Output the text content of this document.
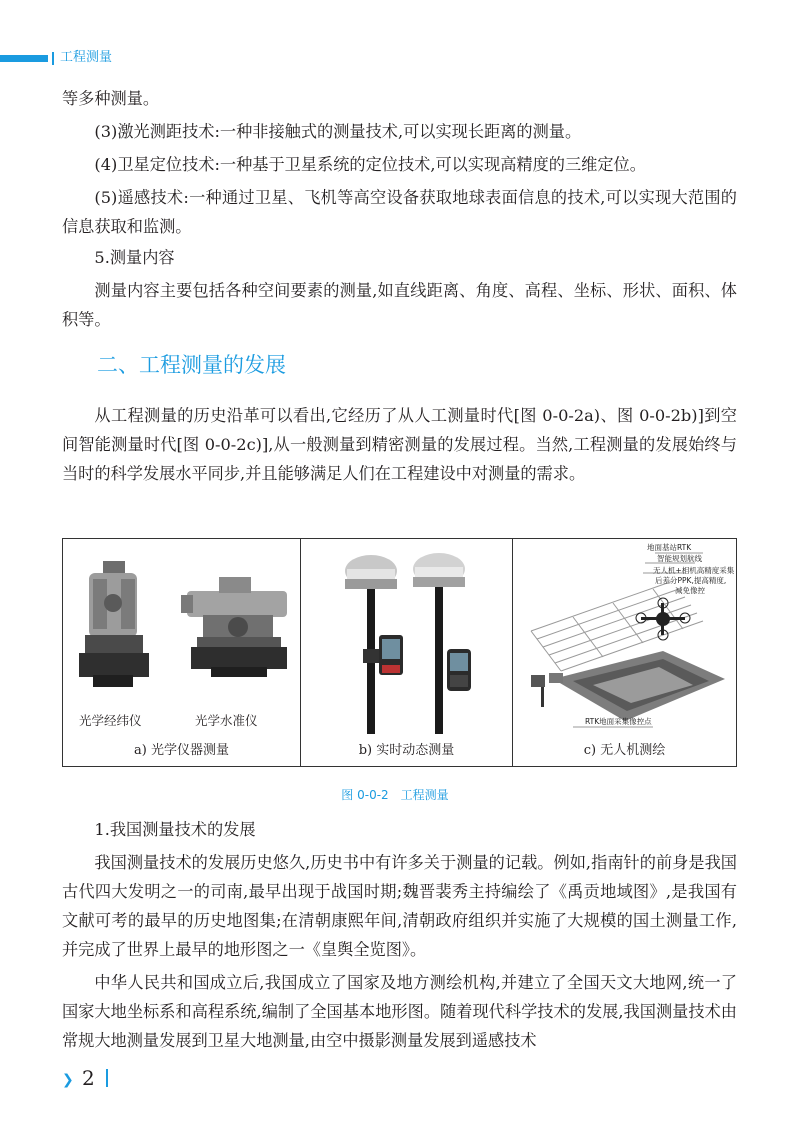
工程测量

等多种测量。

(3)激光测距技术:一种非接触式的测量技术,可以实现长距离的测量。

(4)卫星定位技术:一种基于卫星系统的定位技术,可以实现高精度的三维定位。

(5)遥感技术:一种通过卫星、飞机等高空设备获取地球表面信息的技术,可以实现大范围的信息获取和监测。

5.测量内容

测量内容主要包括各种空间要素的测量,如直线距离、角度、高程、坐标、形状、面积、体积等。

二、工程测量的发展

从工程测量的历史沿革可以看出,它经历了从人工测量时代[图 0-0-2a)、图 0-0-2b)]到空间智能测量时代[图 0-0-2c)],从一般测量到精密测量的发展过程。当然,工程测量的发展始终与当时的科学发展水平同步,并且能够满足人们在工程建设中对测量的需求。

光学经纬仪	光学水准仪
a) 光学仪器测量
HI-TA
b) 实时动态测量
地面基站RTK
智能规划航线
无人机+相机高精度采集
后差分PPK,提高精度,
减免像控
RTK地面采集像控点
c) 无人机测绘
图 0-0-2　工程测量

1.我国测量技术的发展

我国测量技术的发展历史悠久,历史书中有许多关于测量的记载。例如,指南针的前身是我国古代四大发明之一的司南,最早出现于战国时期;魏晋裴秀主持编绘了《禹贡地域图》,是我国有文献可考的最早的历史地图集;在清朝康熙年间,清朝政府组织并实施了大规模的国土测量工作,并完成了世界上最早的地形图之一《皇舆全览图》。

中华人民共和国成立后,我国成立了国家及地方测绘机构,并建立了全国天文大地网,统一了国家大地坐标系和高程系统,编制了全国基本地形图。随着现代科学技术的发展,我国测量技术由常规大地测量发展到卫星大地测量,由空中摄影测量发展到遥感技术

❯ 2
